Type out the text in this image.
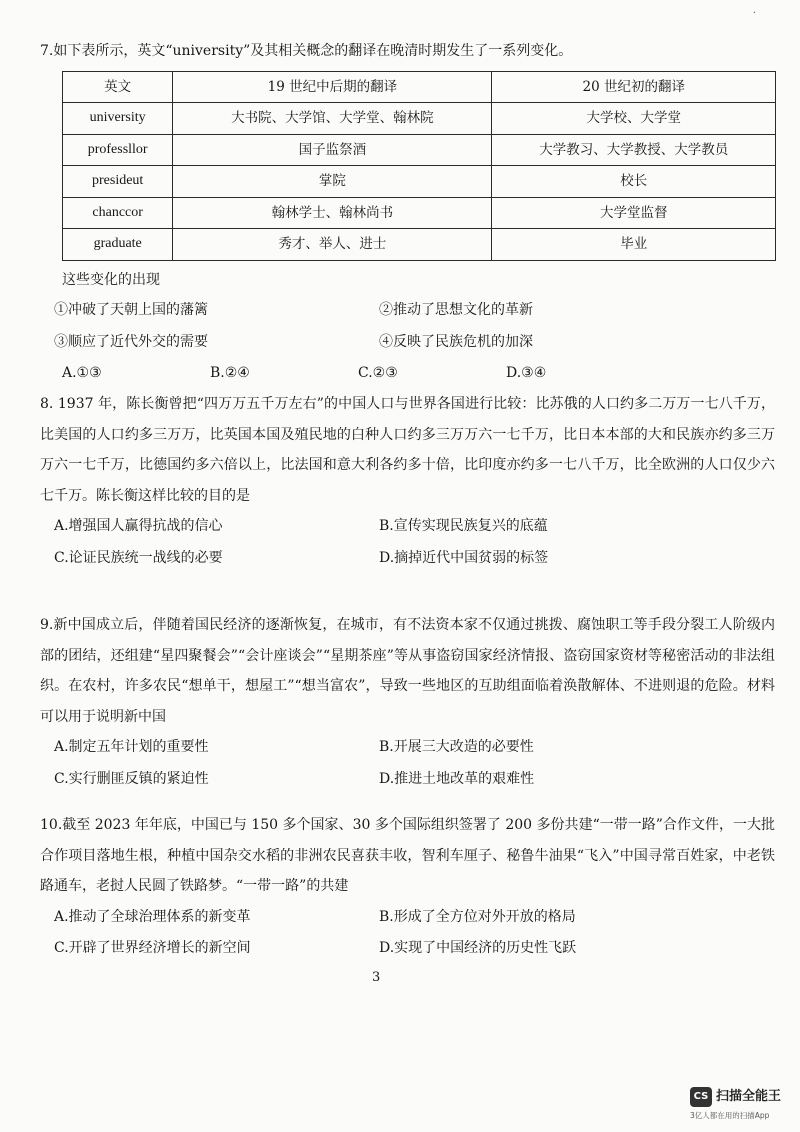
·

7.如下表所示，英文“university”及其相关概念的翻译在晚清时期发生了一系列变化。

英文	19 世纪中后期的翻译	20 世纪初的翻译
university	大书院、大学馆、大学堂、翰林院	大学校、大学堂
professllor	国子监祭酒	大学教习、大学教授、大学教员
presideut	掌院	校长
chanccor	翰林学士、翰林尚书	大学堂监督
graduate	秀才、举人、进士	毕业
这些变化的出现
①冲破了天朝上国的藩篱	②推动了思想文化的革新
③顺应了近代外交的需要	④反映了民族危机的加深
A.①③	B.②④	C.②③	D.③④

8. 1937 年，陈长衡曾把“四万万五千万左右”的中国人口与世界各国进行比较：比苏俄的人口约多二万万一七八千万，比美国的人口约多三万万，比英国本国及殖民地的白种人口约多三万万六一七千万，比日本本部的大和民族亦约多三万万六一七千万，比德国约多六倍以上，比法国和意大利各约多十倍，比印度亦约多一七八千万，比全欧洲的人口仅少六七千万。陈长衡这样比较的目的是

A.增强国人赢得抗战的信心	B.宣传实现民族复兴的底蕴
C.论证民族统一战线的必要	D.摘掉近代中国贫弱的标签

9.新中国成立后，伴随着国民经济的逐渐恢复，在城市，有不法资本家不仅通过挑拨、腐蚀职工等手段分裂工人阶级内部的团结，还组建“星四聚餐会”“会计座谈会”“星期茶座”等从事盗窃国家经济情报、盗窃国家资材等秘密活动的非法组织。在农村，许多农民“想单干，想屋工”“想当富农”，导致一些地区的互助组面临着涣散解体、不进则退的危险。材料可以用于说明新中国

A.制定五年计划的重要性	B.开展三大改造的必要性
C.实行删匪反镇的紧迫性	D.推进土地改革的艰难性

10.截至 2023 年年底，中国已与 150 多个国家、30 多个国际组织签署了 200 多份共建“一带一路”合作文件，一大批合作项目落地生根，种植中国杂交水稻的非洲农民喜获丰收，智利车厘子、秘鲁牛油果“飞入”中国寻常百姓家，中老铁路通车，老挝人民圆了铁路梦。“一带一路”的共建

A.推动了全球治理体系的新变革	B.形成了全方位对外开放的格局
C.开辟了世界经济增长的新空间	D.实现了中国经济的历史性飞跃
3
CS 扫描全能王
3亿人都在用的扫描App
